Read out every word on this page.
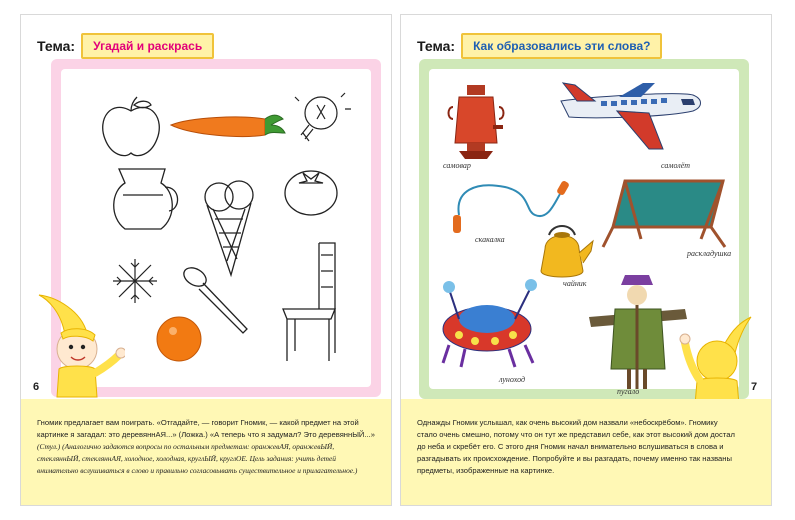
Тема:	Угадай и раскрась
6
Гномик предлагает вам поиграть. «Отгадайте, — говорит Гномик, — какой предмет на этой
картинке я загадал: это деревяннАЯ...» (Ложка.) «А теперь что я задумал? Это деревяннЫЙ...»
(Стул.) (Аналогично задаются вопросы по остальным предметам: оранжевАЯ, оранжевЫЙ,
стекляннЫЙ, стекляннАЯ, холодное, холодная, круглЫЙ, круглОЕ. Цель задания: учить детей
внимательно вслушиваться в слово и правильно согласовывать существительное и прилагательное.)
Тема:	Как образовались эти слова?
самовар	самолёт
скакалка
раскладушка
чайник
луноход
пугало	7
Однажды Гномик услышал, как очень высокий дом назвали «небоскрёбом». Гномику
стало очень смешно, потому что он тут же представил себе, как этот высокий дом достал
до неба и скребёт его. С этого дня Гномик начал внимательно вслушиваться в слова и
разгадывать их происхождение. Попробуйте и вы разгадать, почему именно так названы
предметы, изображенные на картинке.
